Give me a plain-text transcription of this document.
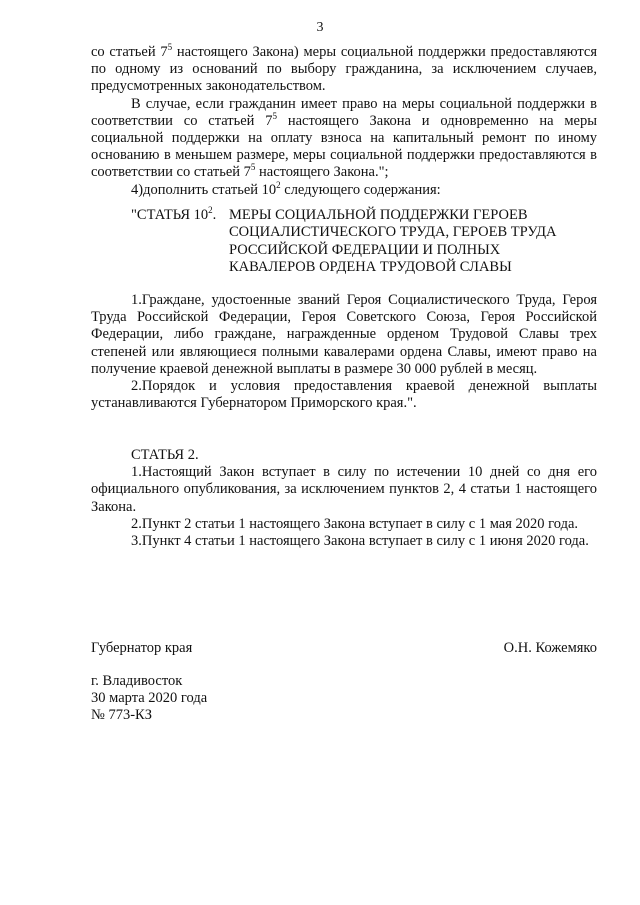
3

со статьей $7^5$ настоящего Закона) меры социальной поддержки предоставляются по одному из оснований по выбору гражданина, за исключением случаев, предусмотренных законодательством.

В случае, если гражданин имеет право на меры социальной поддержки в соответствии со статьей $7^5$ настоящего Закона и одновременно на меры социальной поддержки на оплату взноса на капитальный ремонт по иному основанию в меньшем размере, меры социальной поддержки предоставляются в соответствии со статьей $7^5$ настоящего Закона.";

4)дополнить статьей $10^2$ следующего содержания:

"СТАТЬЯ $10^2$. МЕРЫ СОЦИАЛЬНОЙ ПОДДЕРЖКИ ГЕРОЕВ
СОЦИАЛИСТИЧЕСКОГО ТРУДА, ГЕРОЕВ ТРУДА
РОССИЙСКОЙ ФЕДЕРАЦИИ И ПОЛНЫХ
КАВАЛЕРОВ ОРДЕНА ТРУДОВОЙ СЛАВЫ

1.Граждане, удостоенные званий Героя Социалистического Труда, Героя Труда Российской Федерации, Героя Советского Союза, Героя Российской Федерации, либо граждане, награжденные орденом Трудовой Славы трех степеней или являющиеся полными кавалерами ордена Славы, имеют право на получение краевой денежной выплаты в размере 30 000 рублей в месяц.

2.Порядок и условия предоставления краевой денежной выплаты устанавливаются Губернатором Приморского края.".

СТАТЬЯ 2.

1.Настоящий Закон вступает в силу по истечении 10 дней со дня его официального опубликования, за исключением пунктов 2, 4 статьи 1 настоящего Закона.

2.Пункт 2 статьи 1 настоящего Закона вступает в силу с 1 мая 2020 года.

3.Пункт 4 статьи 1 настоящего Закона вступает в силу с 1 июня 2020 года.

Губернатор края	О.Н. Кожемяко
г. Владивосток
30 марта 2020 года
№ 773-КЗ
